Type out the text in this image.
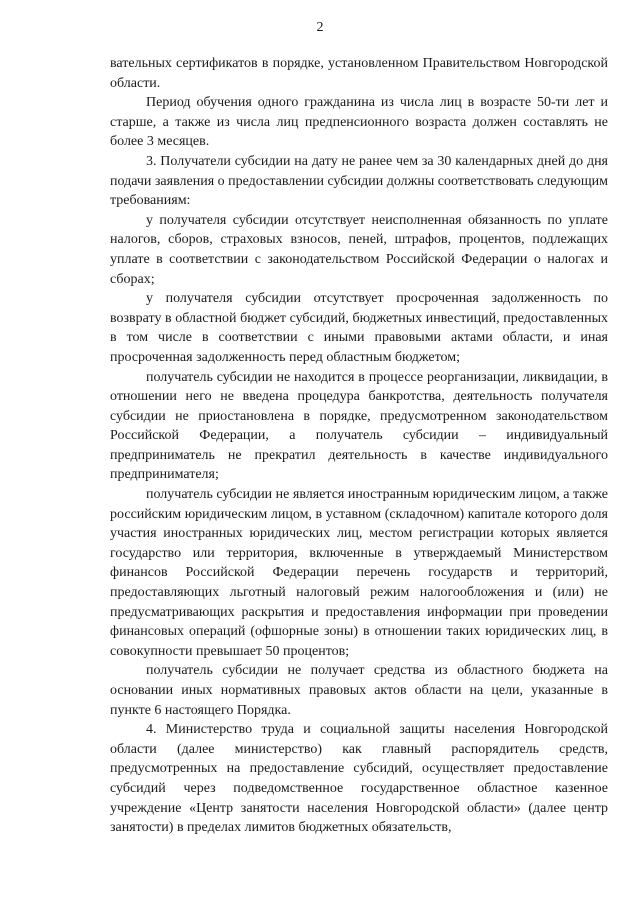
2

вательных сертификатов в порядке, установленном Правительством Новгородской области.

Период обучения одного гражданина из числа лиц в возрасте 50-ти лет и старше, а также из числа лиц предпенсионного возраста должен составлять не более 3 месяцев.

3. Получатели субсидии на дату не ранее чем за 30 календарных дней до дня подачи заявления о предоставлении субсидии должны соответствовать следующим требованиям:

у получателя субсидии отсутствует неисполненная обязанность по уплате налогов, сборов, страховых взносов, пеней, штрафов, процентов, подлежащих уплате в соответствии с законодательством Российской Федерации о налогах и сборах;

у получателя субсидии отсутствует просроченная задолженность по возврату в областной бюджет субсидий, бюджетных инвестиций, предоставленных в том числе в соответствии с иными правовыми актами области, и иная просроченная задолженность перед областным бюджетом;

получатель субсидии не находится в процессе реорганизации, ликвидации, в отношении него не введена процедура банкротства, деятельность получателя субсидии не приостановлена в порядке, предусмотренном законодательством Российской Федерации, а получатель субсидии – индивидуальный предприниматель не прекратил деятельность в качестве индивидуального предпринимателя;

получатель субсидии не является иностранным юридическим лицом, а также российским юридическим лицом, в уставном (складочном) капитале которого доля участия иностранных юридических лиц, местом регистрации которых является государство или территория, включенные в утверждаемый Министерством финансов Российской Федерации перечень государств и территорий, предоставляющих льготный налоговый режим налогообложения и (или) не предусматривающих раскрытия и предоставления информации при проведении финансовых операций (офшорные зоны) в отношении таких юридических лиц, в совокупности превышает 50 процентов;

получатель субсидии не получает средства из областного бюджета на основании иных нормативных правовых актов области на цели, указанные в пункте 6 настоящего Порядка.

4. Министерство труда и социальной защиты населения Новгородской области (далее министерство) как главный распорядитель средств, предусмотренных на предоставление субсидий, осуществляет предоставление субсидий через подведомственное государственное областное казенное учреждение «Центр занятости населения Новгородской области» (далее центр занятости) в пределах лимитов бюджетных обязательств,
